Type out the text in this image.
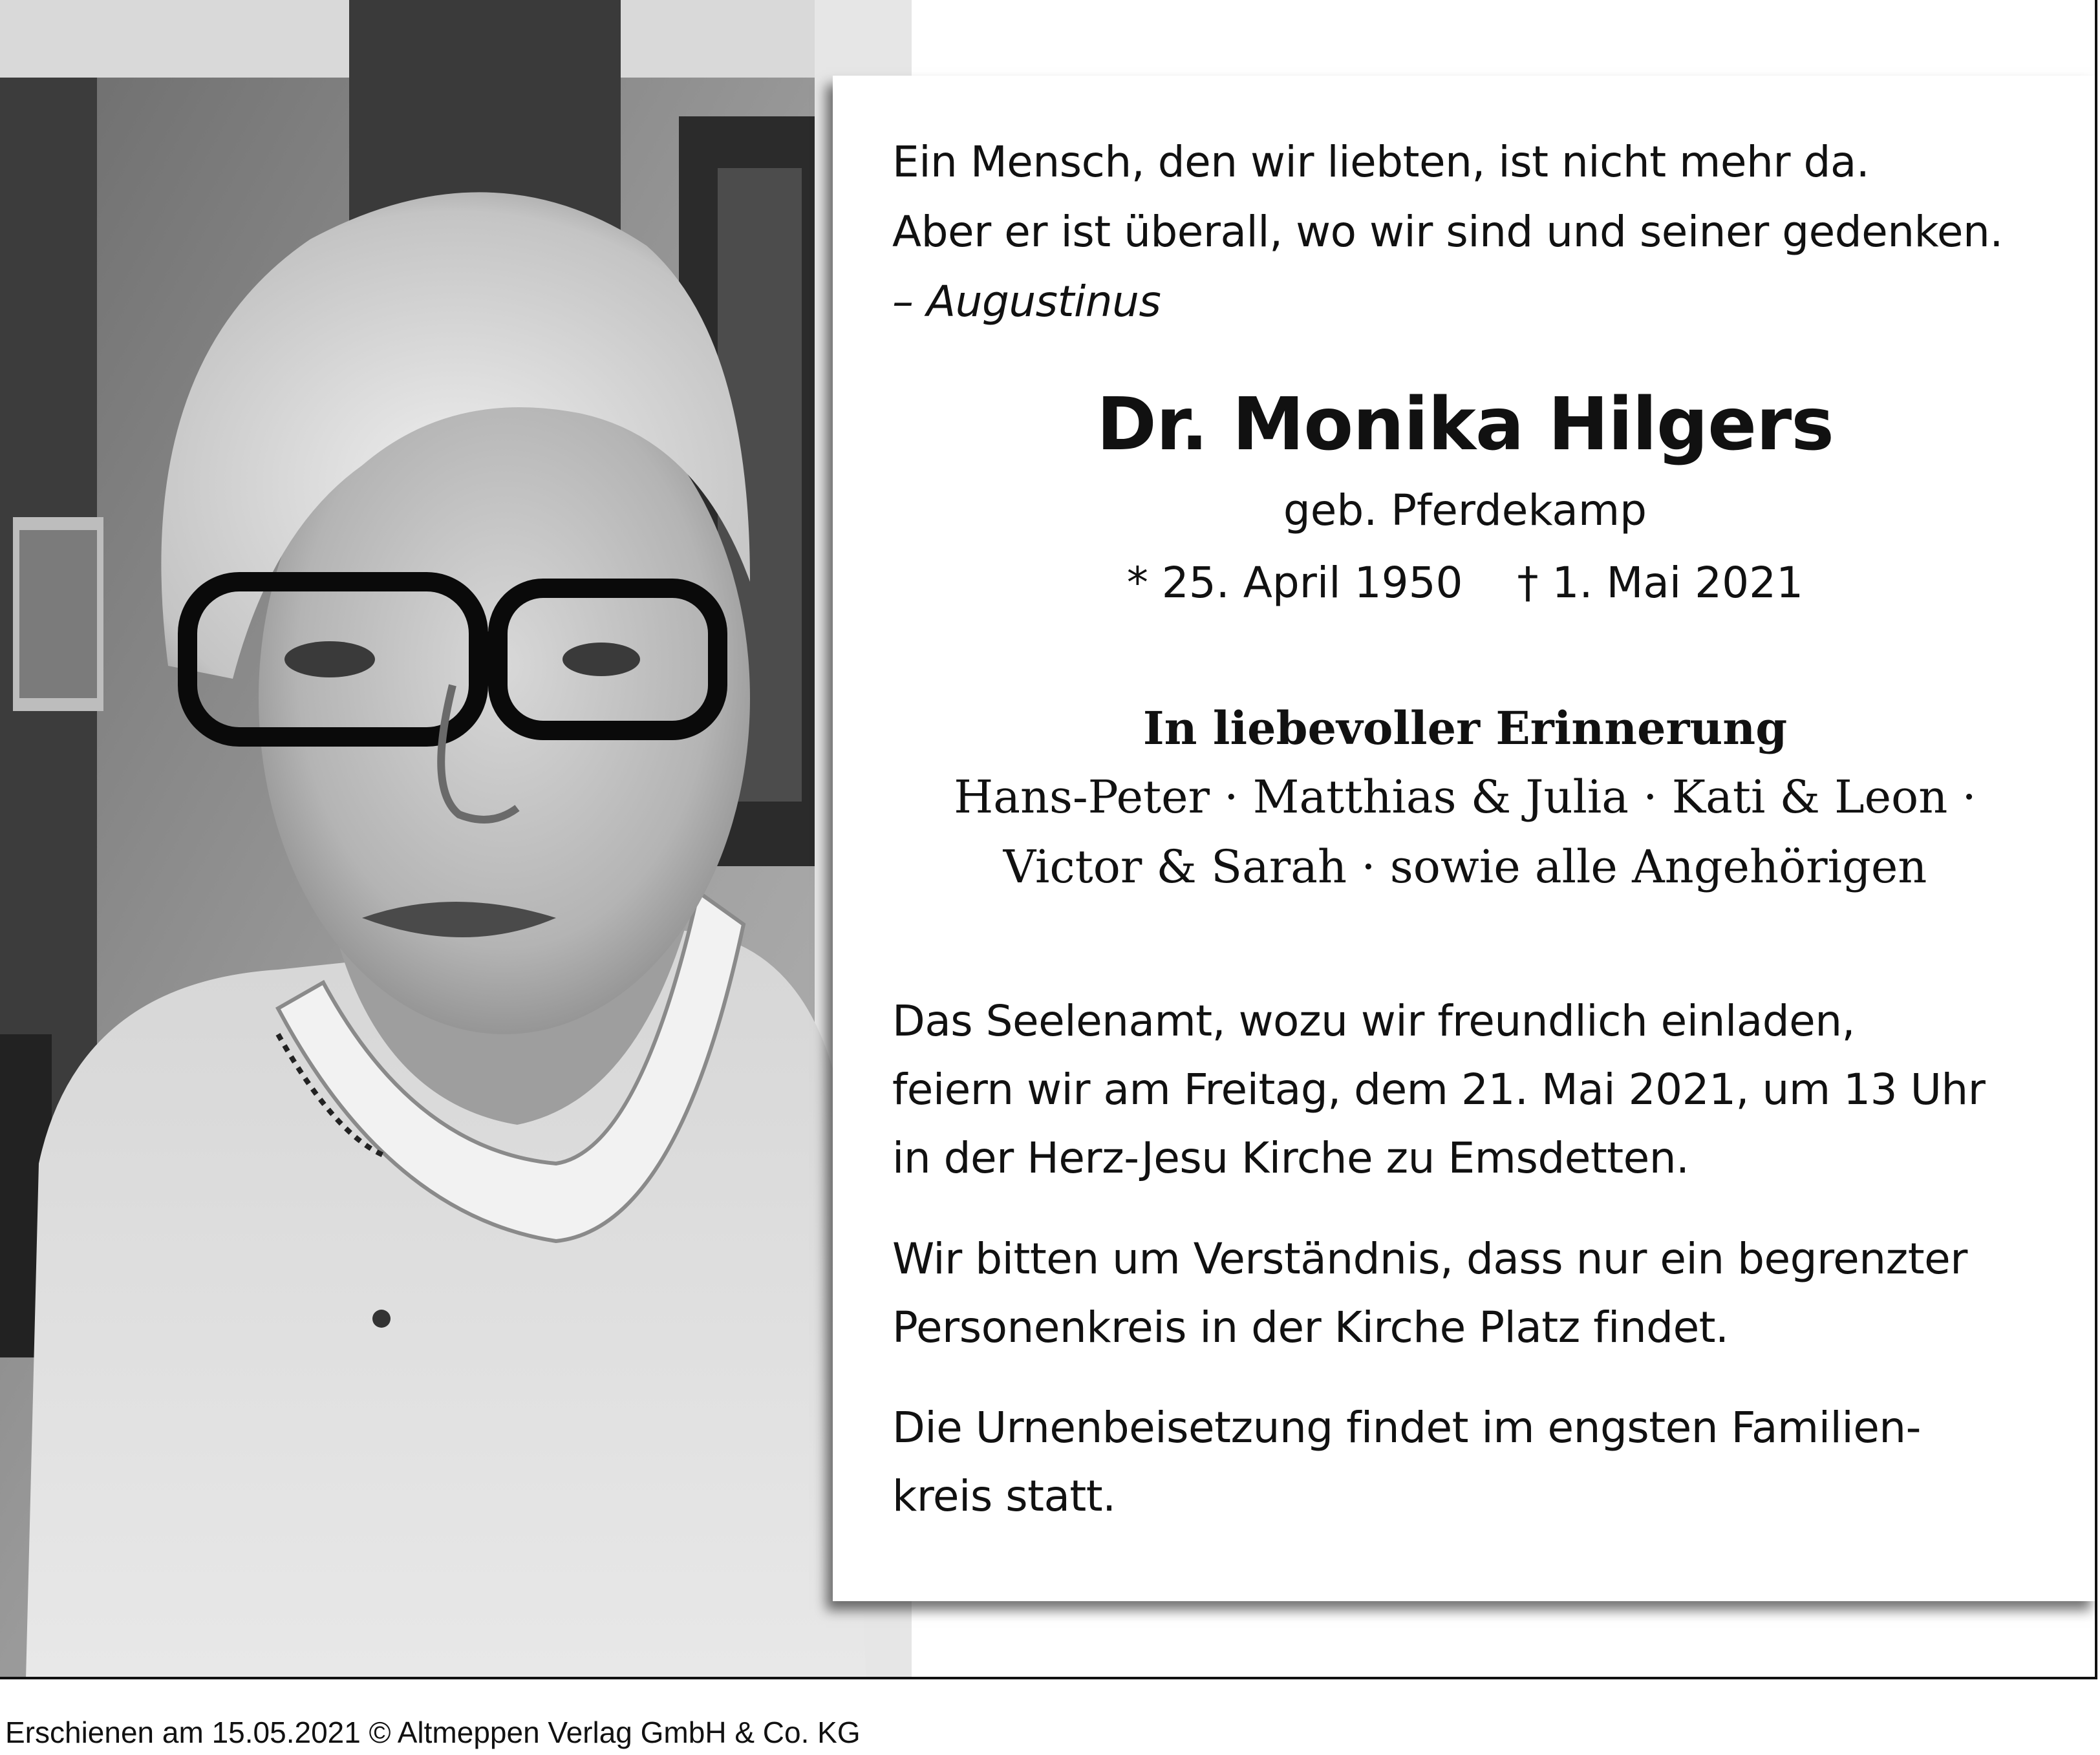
Ein Mensch, den wir liebten, ist nicht mehr da.
Aber er ist überall, wo wir sind und seiner gedenken.
– Augustinus
Dr. Monika Hilgers
geb. Pferdekamp
* 25. April 1950 † 1. Mai 2021
In liebevoller Erinnerung
Hans-Peter · Matthias & Julia · Kati & Leon ·
Victor & Sarah · sowie alle Angehörigen
Das Seelenamt, wozu wir freundlich einladen,
feiern wir am Freitag, dem 21. Mai 2021, um 13 Uhr
in der Herz-Jesu Kirche zu Emsdetten.
Wir bitten um Verständnis, dass nur ein begrenzter
Personenkreis in der Kirche Platz findet.
Die Urnenbeisetzung findet im engsten Familien-
kreis statt.
Erschienen am 15.05.2021 © Altmeppen Verlag GmbH & Co. KG
